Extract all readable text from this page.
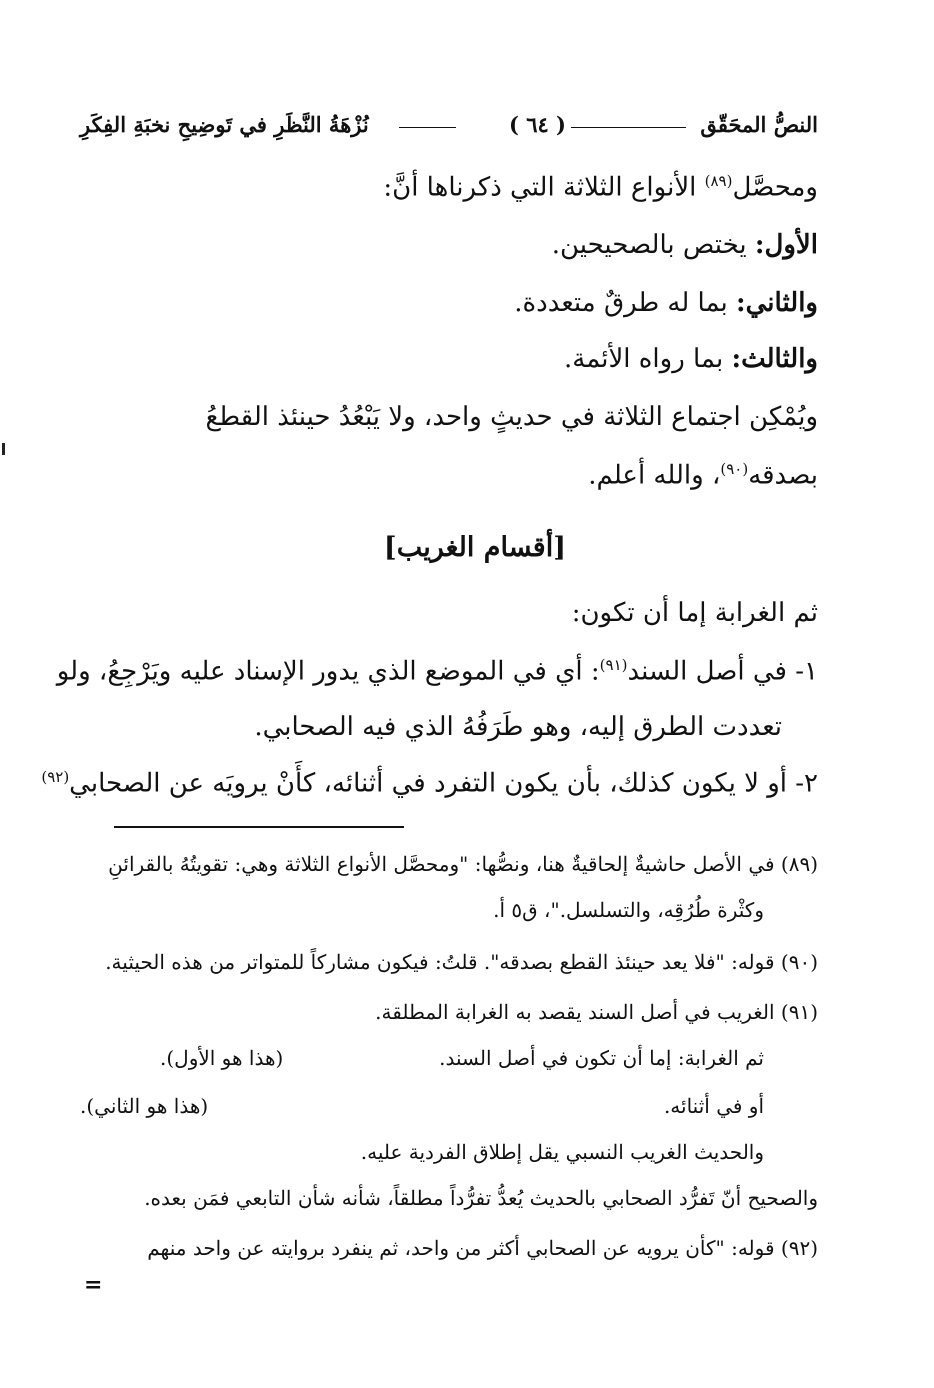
النصُّ المحَقّق
( ٦٤ )
نُزْهَةُ النَّظَرِ في تَوضِيحِ نخبَةِ الفِكَرِ
ومحصَّل$^{(٨٩)}$ الأنواع الثلاثة التي ذكرناها أنَّ:
الأول: يختص بالصحيحين.
والثاني: بما له طرقٌ متعددة.
والثالث: بما رواه الأئمة.
ويُمْكِن اجتماع الثلاثة في حديثٍ واحد، ولا يَبْعُدُ حينئذ القطعُ
بصدقه$^{(٩٠)}$، والله أعلم.
[أقسام الغريب]
ثم الغرابة إما أن تكون:
١- في أصل السند$^{(٩١)}$: أي في الموضع الذي يدور الإسناد عليه ويَرْجِعُ، ولو
تعددت الطرق إليه، وهو طَرَفُهُ الذي فيه الصحابي.
٢- أو لا يكون كذلك، بأن يكون التفرد في أثنائه، كأَنْ يرويَه عن الصحابي$^{(٩٢)}$
(٨٩) في الأصل حاشيةٌ إلحاقيةٌ هنا، ونصُّها: "ومحصَّل الأنواع الثلاثة وهي: تقويتُهُ بالقرائنِ
وكثْرة طُرُقِه، والتسلسل."، ق٥ أ.
(٩٠) قوله: "فلا يعد حينئذ القطع بصدقه". قلتُ: فيكون مشاركاً للمتواتر من هذه الحيثية.
(٩١) الغريب في أصل السند يقصد به الغرابة المطلقة.
ثم الغرابة: إما أن تكون في أصل السند.
(هذا هو الأول).
أو في أثنائه.
(هذا هو الثاني).
والحديث الغريب النسبي يقل إطلاق الفردية عليه.
والصحيح أنّ تَفرُّد الصحابي بالحديث يُعدُّ تفرُّداً مطلقاً، شأنه شأن التابعي فمَن بعده.
(٩٢) قوله: "كأن يرويه عن الصحابي أكثر من واحد، ثم ينفرد بروايته عن واحد منهم
=
